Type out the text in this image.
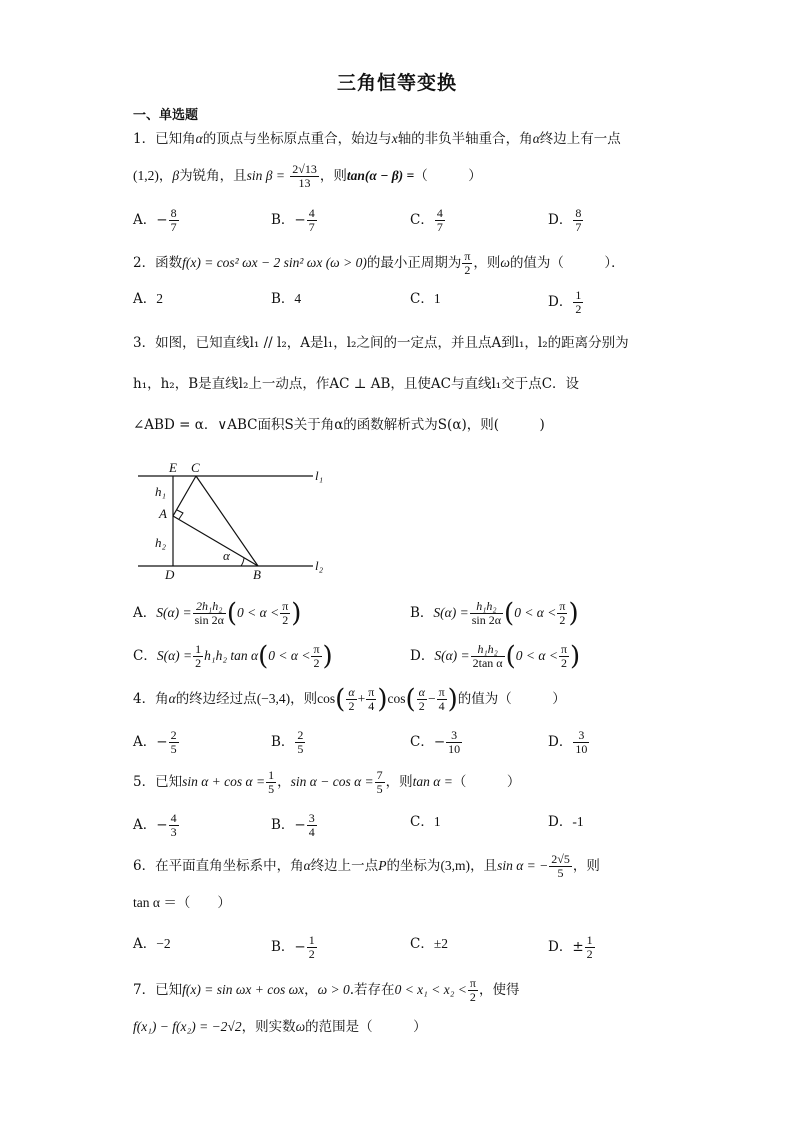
三角恒等变换
一、单选题
1．已知角α的顶点与坐标原点重合，始边与x轴的非负半轴重合，角α终边上有一点
(1,2)，β为锐角，且$\sin \beta = \frac{2√13}{13}$ ，则tan(α − β) =（　　　）
A．− $\frac{8}{7}$	B．− $\frac{4}{7}$	C． $\frac{4}{7}$	D． $\frac{8}{7}$
2．函数f(x) = cos² ωx − 2 sin² ωx (ω > 0)的最小正周期为 $\frac{\pi}{2}$ ，则ω的值为（　　　）．
A．2	B．4	C．1	D． $\frac{1}{2}$
3．如图，已知直线l₁ // l₂，A是l₁，l₂之间的一定点，并且点A到l₁，l₂的距离分别为
h₁，h₂，B是直线l₂上一动点，作AC ⊥ AB，且使AC与直线l₁交于点C．设
∠ABD = α．∨ABC面积S关于角α的函数解析式为S(α)，则(　　　)
E C
l₁
h₁
A
h₂
α
D	B
l₂
A．$S(\alpha) = \frac{\text{2h₁h₂}}{\sin 2\alpha} (0 < \alpha < \frac{\pi}{2}$ )	B．$S(\alpha) = \frac{\text{h₁h₂}}{\sin 2\alpha} (0 < \alpha < \frac{\pi}{2}$ )
C．$S(\alpha) = \frac{1}{2} h_1h_2$ $\tan \alpha(0 < \alpha < \frac{\pi}{2}$ )	D．$S(\alpha) = \frac{\text{h₁h₂}}{\text{2tan α}} (0 < \alpha < \frac{\pi}{2}$ )
4．角α的终边经过点(−3,4)，则$\cos( \frac{\alpha}{2} + \frac{\pi}{4} )\cos( \frac{\alpha}{2} - \frac{\pi}{4}$ )的值为（　　　）
A．− $\frac{2}{5}$	B． $\frac{2}{5}$	C．− $\frac{3}{10}$	D． $\frac{3}{10}$
5．已知$\sin \alpha + \cos \alpha = \frac{1}{5}$ ，$\sin \alpha - \cos \alpha = \frac{7}{5}$ ，则tan α =（　　　）
A．− $\frac{4}{3}$	B．− $\frac{3}{4}$	C．1	D．-1
6．在平面直角坐标系中，角α终边上一点P的坐标为(3,m)，且sin α = − $\frac{2√5}{5}$ ，则
tan α ＝（　　）
A．−2	B．− $\frac{1}{2}$	C．±2	D．± $\frac{1}{2}$
7．已知f(x) = sin ωx + cos ωx，ω > 0.若存在$0 < x_1 < x_2 < \frac{\pi}{2}$ ，使得
f(x₁) − f(x₂) = −2√2，则实数ω的范围是（　　　）
